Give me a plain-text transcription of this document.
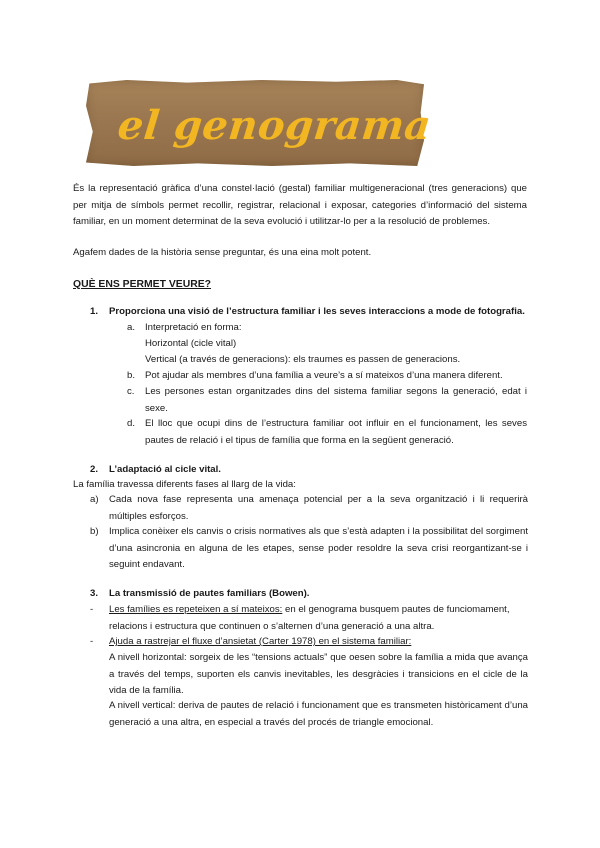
el genograma
És la representació gràfica d’una constel·lació (gestal) familiar multigeneracional (tres generacions) que per mitja de símbols permet recollir, registrar, relacional i exposar, categories d’informació del sistema familiar, en un moment determinat de la seva evolució i utilitzar-lo per a la resolució de problemes.
Agafem dades de la història sense preguntar, és una eina molt potent.
QUÈ ENS PERMET VEURE?
1. Proporciona una visió de l’estructura familiar i les seves interaccions a mode de fotografia.
a. Interpretació en forma:
Horizontal (cicle vital)
Vertical (a través de generacions): els traumes es passen de generacions.
b. Pot ajudar als membres d’una família a veure’s a sí mateixos d’una manera diferent.
c. Les persones estan organitzades dins del sistema familiar segons la generació, edat i sexe.
d. El lloc que ocupi dins de l’estructura familiar oot influir en el funcionament, les seves pautes de relació i el tipus de família que forma en la següent generació.
2. L’adaptació al cicle vital.
La família travessa diferents fases al llarg de la vida:
a) Cada nova fase representa una amenaça potencial per a la seva organització i li requerirà múltiples esforços.
b) Implica conèixer els canvis o crisis normatives als que s’està adapten i la possibilitat del sorgiment d’una asincronia en alguna de les etapes, sense poder resoldre la seva crisi reorgantizant-se i seguint endavant.
3. La transmissió de pautes familiars (Bowen).
- Les famílies es repeteixen a sí mateixos: en el genograma busquem pautes de funciomament, relacions i estructura que continuen o s’alternen d’una generació a una altra.
- Ajuda a rastrejar el fluxe d’ansietat (Carter 1978) en el sistema familiar:
A nivell horizontal: sorgeix de les “tensions actuals” que oesen sobre la família a mida que avança a través del temps, suporten els canvis inevitables, les desgràcies i transicions en el cicle de la vida de la família.
A nivell vertical: deriva de pautes de relació i funcionament que es transmeten històricament d’una generació a una altra, en especial a través del procés de triangle emocional.
